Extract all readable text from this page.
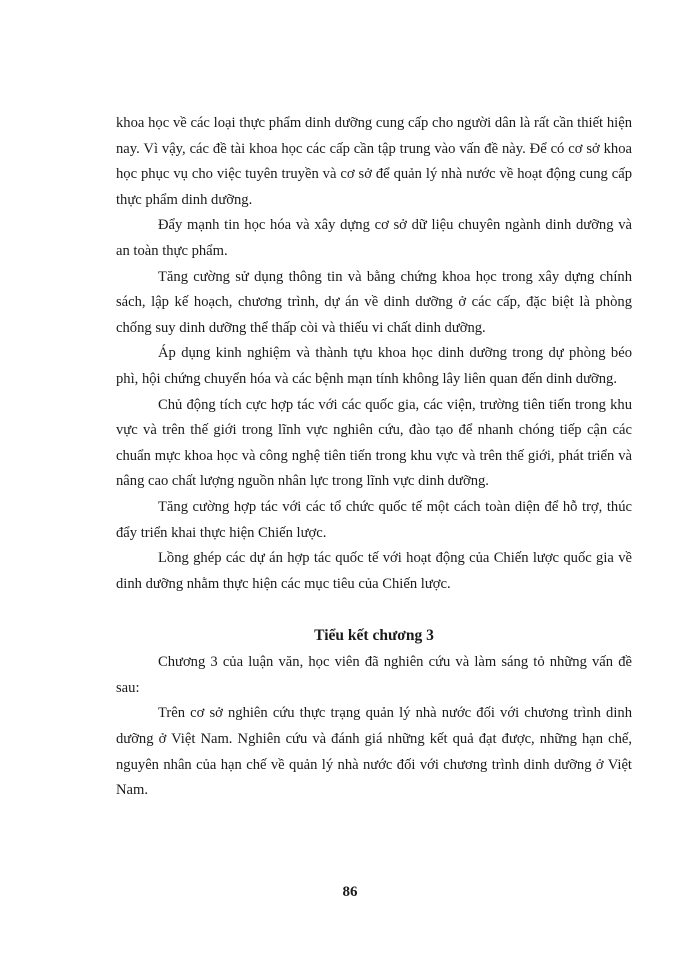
khoa học về các loại thực phẩm dinh dưỡng cung cấp cho người dân là rất cần thiết hiện nay. Vì vậy, các đề tài khoa học các cấp cần tập trung vào vấn đề này. Để có cơ sở khoa học phục vụ cho việc tuyên truyền và cơ sở để quản lý nhà nước về hoạt động cung cấp thực phẩm dinh dưỡng.

Đẩy mạnh tin học hóa và xây dựng cơ sở dữ liệu chuyên ngành dinh dưỡng và an toàn thực phẩm.

Tăng cường sử dụng thông tin và bằng chứng khoa học trong xây dựng chính sách, lập kế hoạch, chương trình, dự án về dinh dưỡng ở các cấp, đặc biệt là phòng chống suy dinh dưỡng thể thấp còi và thiếu vi chất dinh dưỡng.

Áp dụng kinh nghiệm và thành tựu khoa học dinh dưỡng trong dự phòng béo phì, hội chứng chuyển hóa và các bệnh mạn tính không lây liên quan đến dinh dưỡng.

Chủ động tích cực hợp tác với các quốc gia, các viện, trường tiên tiến trong khu vực và trên thế giới trong lĩnh vực nghiên cứu, đào tạo để nhanh chóng tiếp cận các chuẩn mực khoa học và công nghệ tiên tiến trong khu vực và trên thế giới, phát triển và nâng cao chất lượng nguồn nhân lực trong lĩnh vực dinh dưỡng.

Tăng cường hợp tác với các tổ chức quốc tế một cách toàn diện để hỗ trợ, thúc đẩy triển khai thực hiện Chiến lược.

Lồng ghép các dự án hợp tác quốc tế với hoạt động của Chiến lược quốc gia về dinh dưỡng nhằm thực hiện các mục tiêu của Chiến lược.

Tiểu kết chương 3

Chương 3 của luận văn, học viên đã nghiên cứu và làm sáng tỏ những vấn đề sau:

Trên cơ sở nghiên cứu thực trạng quản lý nhà nước đối với chương trình dinh dưỡng ở Việt Nam. Nghiên cứu và đánh giá những kết quả đạt được, những hạn chế, nguyên nhân của hạn chế về quản lý nhà nước đối với chương trình dinh dưỡng ở Việt Nam.

86
